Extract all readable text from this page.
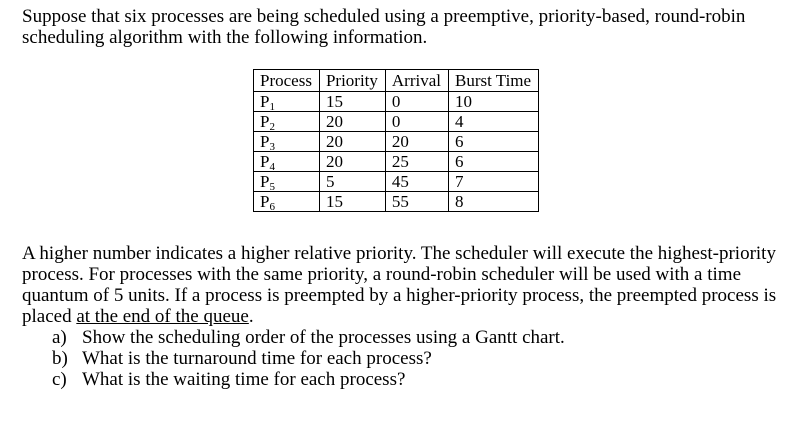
Suppose that six processes are being scheduled using a preemptive, priority-based, round-robin scheduling algorithm with the following information.

Process	Priority	Arrival	Burst Time
$P_1$	15	0	10
$P_2$	20	0	4
$P_3$	20	20	6
$P_4$	20	25	6
$P_5$	5	45	7
$P_6$	15	55	8

A higher number indicates a higher relative priority. The scheduler will execute the highest-priority process. For processes with the same priority, a round-robin scheduler will be used with a time quantum of 5 units. If a process is preempted by a higher-priority process, the preempted process is placed at the end of the queue.

a) Show the scheduling order of the processes using a Gantt chart.
b) What is the turnaround time for each process?
c) What is the waiting time for each process?
